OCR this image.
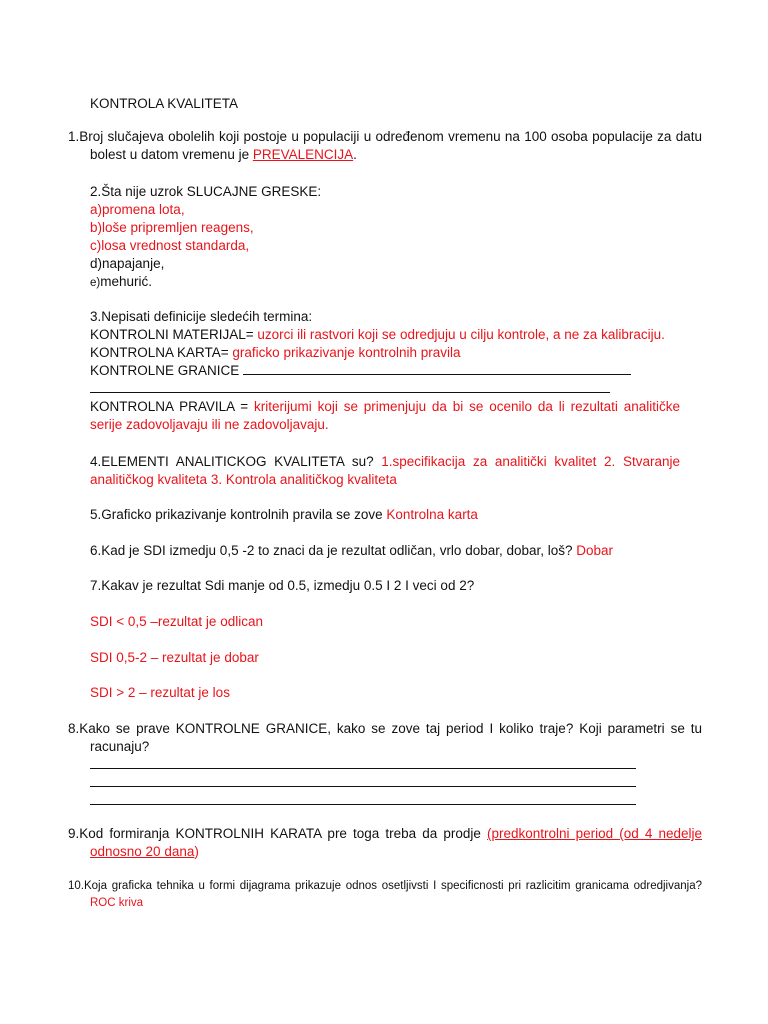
KONTROLA KVALITETA
1.Broj slučajeva obolelih koji postoje u populaciji u određenom vremenu na 100 osoba populacije za datu bolest u datom vremenu je PREVALENCIJA.
2.Šta nije uzrok SLUCAJNE GRESKE:
a)promena lota,
b)loše pripremljen reagens,
c)losa vrednost standarda,
d)napajanje,
e)mehurić.
3.Nepisati definicije sledećih termina:
KONTROLNI MATERIJAL= uzorci ili rastvori koji se odredjuju u cilju kontrole, a ne za kalibraciju.
KONTROLNA KARTA= graficko prikazivanje kontrolnih pravila
KONTROLNE GRANICE
KONTROLNA PRAVILA = kriterijumi koji se primenjuju da bi se ocenilo da li rezultati analitičke serije zadovoljavaju ili ne zadovoljavaju.
4.ELEMENTI ANALITICKOG KVALITETA su? 1.specifikacija za analitički kvalitet 2. Stvaranje analitičkog kvaliteta 3. Kontrola analitičkog kvaliteta
5.Graficko prikazivanje kontrolnih pravila se zove Kontrolna karta
6.Kad je SDI izmedju 0,5 -2 to znaci da je rezultat odličan, vrlo dobar, dobar, loš? Dobar
7.Kakav je rezultat Sdi manje od 0.5, izmedju 0.5 I 2 I veci od 2?
SDI < 0,5 –rezultat je odlican
SDI 0,5-2 – rezultat je dobar
SDI > 2 – rezultat je los
8.Kako se prave KONTROLNE GRANICE, kako se zove taj period I koliko traje? Koji parametri se tu racunaju?
9.Kod formiranja KONTROLNIH KARATA pre toga treba da prodje (predkontrolni period (od 4 nedelje odnosno 20 dana)
10.Koja graficka tehnika u formi dijagrama prikazuje odnos osetljivsti I specificnosti pri razlicitim granicama odredjivanja? ROC kriva
